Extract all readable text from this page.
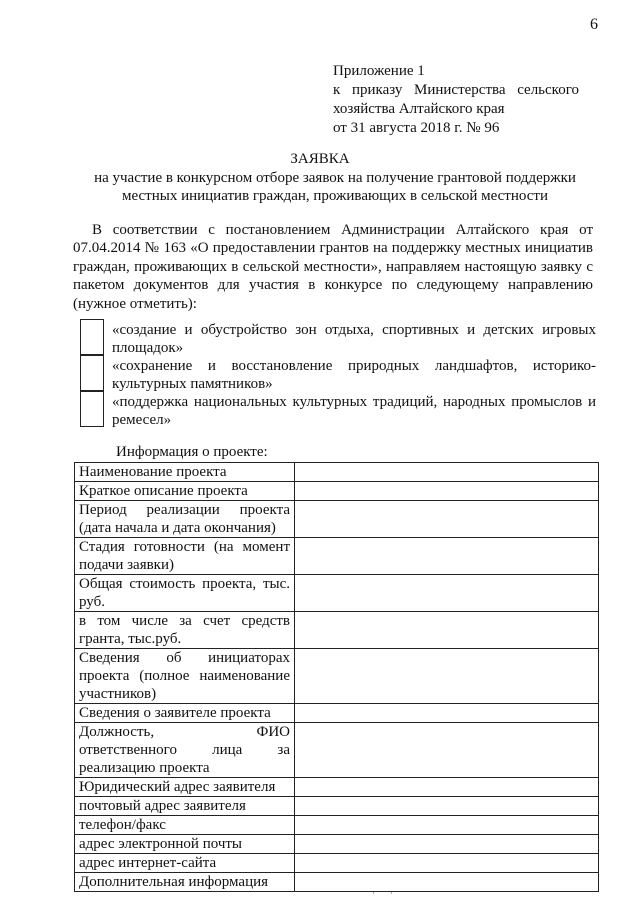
6
Приложение 1
к приказу Министерства сельского
хозяйства Алтайского края
от 31 августа 2018 г. № 96
ЗАЯВКА
на участие в конкурсном отборе заявок на получение грантовой поддержки
местных инициатив граждан, проживающих в сельской местности

В соответствии с постановлением Администрации Алтайского края от 07.04.2014 № 163 «О предоставлении грантов на поддержку местных инициатив граждан, проживающих в сельской местности», направляем настоящую заявку с пакетом документов для участия в конкурсе по следующему направлению (нужное отметить):

«создание и обустройство зон отдыха, спортивных и детских игровых площадок»
«сохранение и восстановление природных ландшафтов, историко-культурных памятников»
«поддержка национальных культурных традиций, народных промыслов и ремесел»
Информация о проекте:
Наименование проекта	
Краткое описание проекта	
Период реализации проекта (дата начала и дата окончания)	
Стадия готовности (на момент подачи заявки)	
Общая стоимость проекта, тыс. руб.	
в том числе за счет средств гранта, тыс.руб.	
Сведения об инициаторах проекта (полное наименование участников)	
Сведения о заявителе проекта	
Должность, ФИО ответственного лица за реализацию проекта	
Юридический адрес заявителя	
почтовый адрес заявителя	
телефон/факс	
адрес электронной почты	
адрес интернет-сайта	
Дополнительная информация	
· ·
